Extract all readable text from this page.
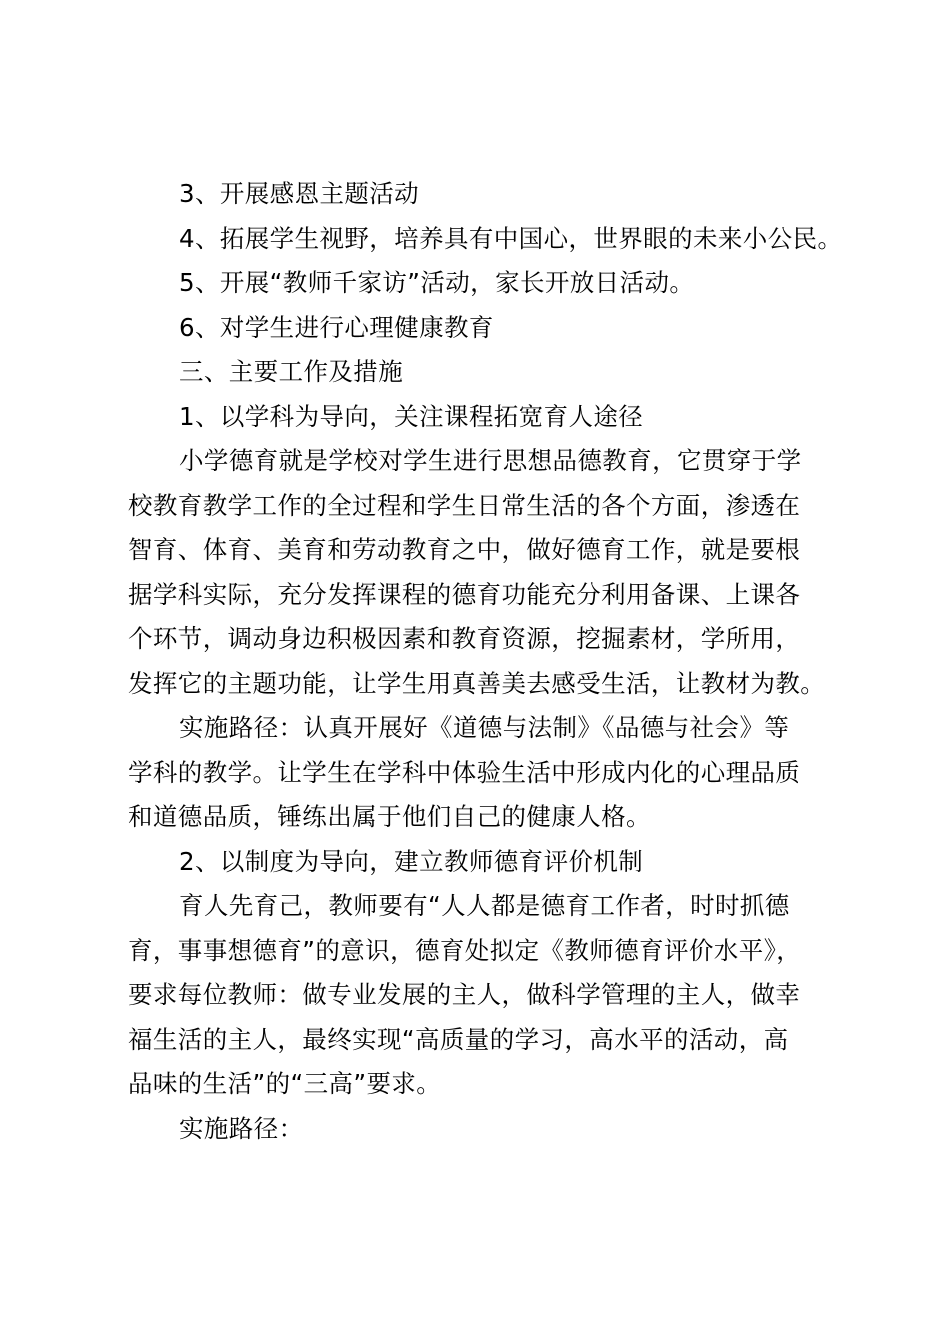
3、开展感恩主题活动
4、拓展学生视野，培养具有中国心，世界眼的未来小公民。
5、开展“教师千家访”活动，家长开放日活动。
6、对学生进行心理健康教育
三、主要工作及措施
1、以学科为导向，关注课程拓宽育人途径
小学德育就是学校对学生进行思想品德教育，它贯穿于学
校教育教学工作的全过程和学生日常生活的各个方面，渗透在
智育、体育、美育和劳动教育之中，做好德育工作，就是要根
据学科实际，充分发挥课程的德育功能充分利用备课、上课各
个环节，调动身边积极因素和教育资源，挖掘素材，学所用，
发挥它的主题功能，让学生用真善美去感受生活，让教材为教。
实施路径：认真开展好《道德与法制》《品德与社会》等
学科的教学。让学生在学科中体验生活中形成内化的心理品质
和道德品质，锤练出属于他们自己的健康人格。
2、以制度为导向，建立教师德育评价机制
育人先育己，教师要有“人人都是德育工作者，时时抓德
育，事事想德育”的意识，德育处拟定《教师德育评价水平》，
要求每位教师：做专业发展的主人，做科学管理的主人，做幸
福生活的主人，最终实现“高质量的学习，高水平的活动，高
品味的生活”的“三高”要求。
实施路径：
